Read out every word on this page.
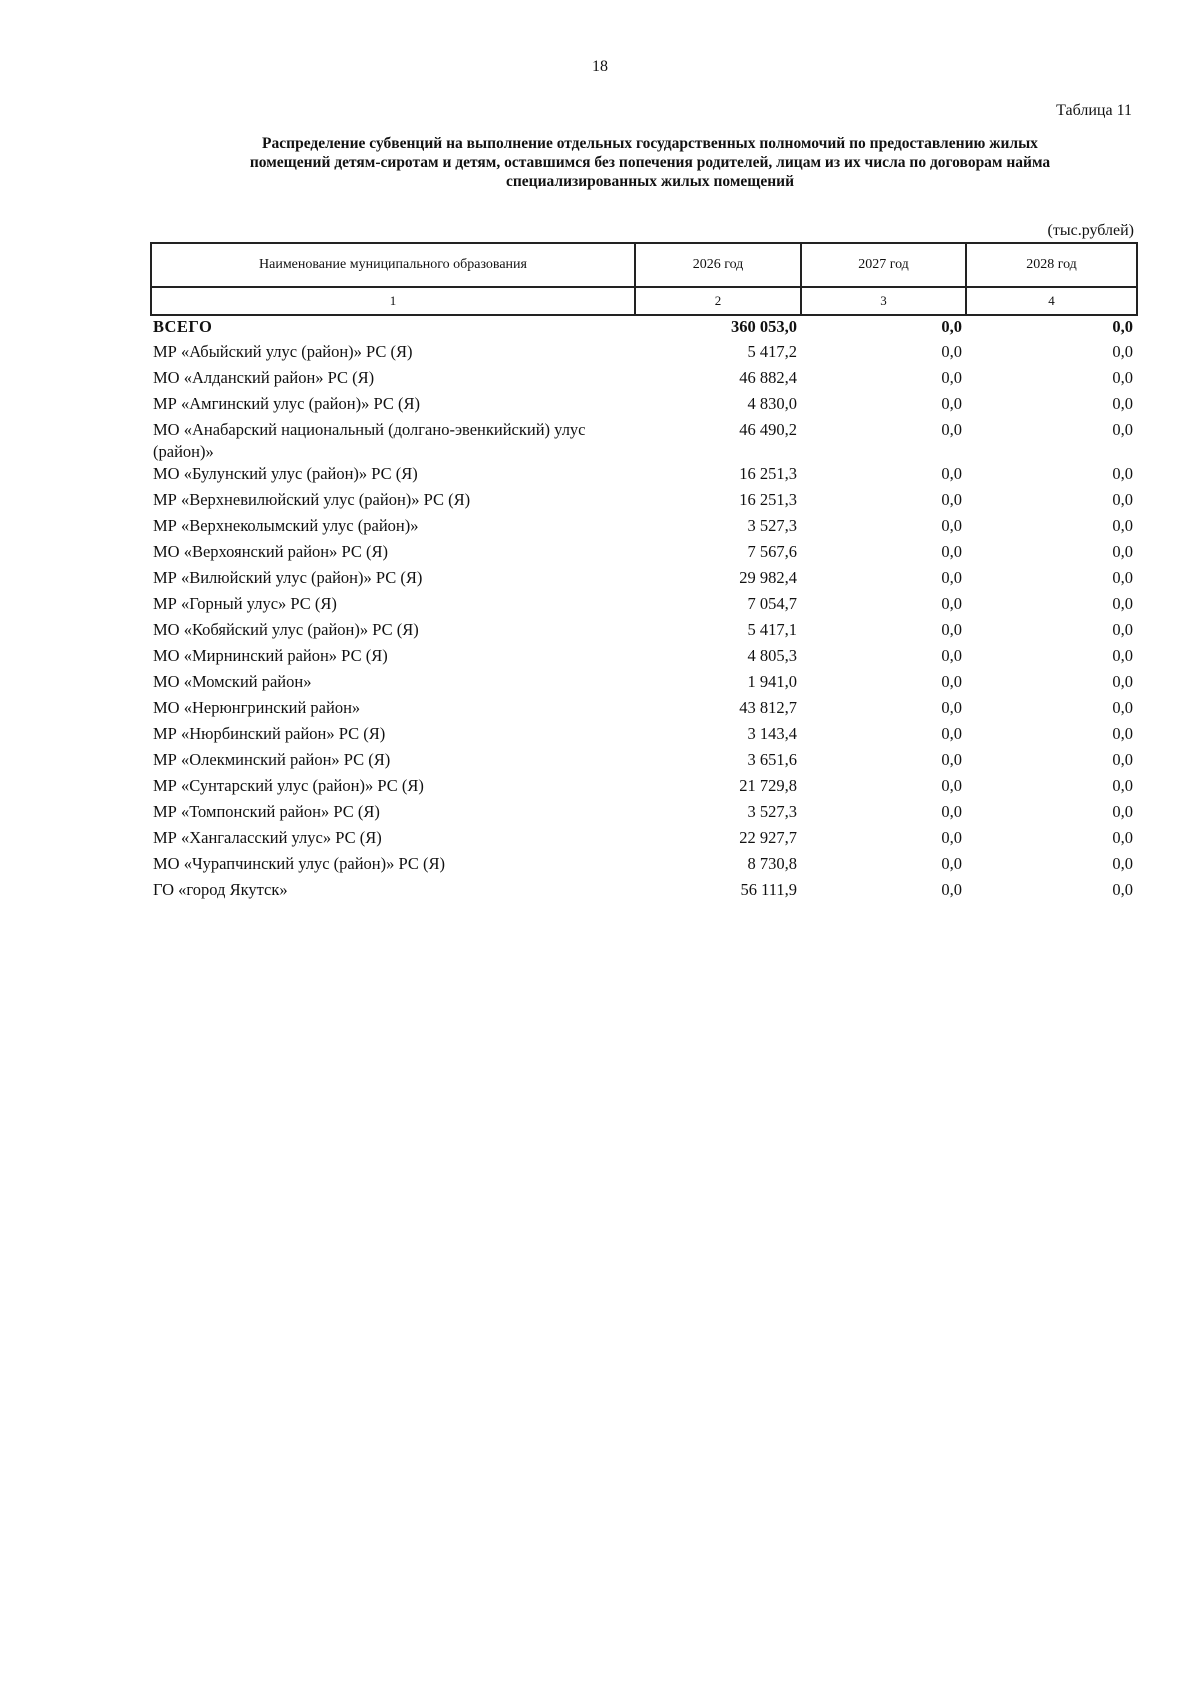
18
Таблица 11
Распределение субвенций на выполнение отдельных государственных полномочий по предоставлению жилых
помещений детям-сиротам и детям, оставшимся без попечения родителей, лицам из их числа по договорам найма
специализированных жилых помещений
(тыс.рублей)
Наименование муниципального образования	2026 год	2027 год	2028 год
1	2	3	4
ВСЕГО	360 053,0	0,0	0,0
МР «Абыйский улус (район)» РС (Я)	5 417,2	0,0	0,0
МО «Алданский район» РС (Я)	46 882,4	0,0	0,0
МР «Амгинский улус (район)» РС (Я)	4 830,0	0,0	0,0
МО «Анабарский национальный (долгано-эвенкийский) улус (район)»	46 490,2	0,0	0,0
МО «Булунский улус (район)» РС (Я)	16 251,3	0,0	0,0
МР «Верхневилюйский улус (район)» РС (Я)	16 251,3	0,0	0,0
МР «Верхнеколымский улус (район)»	3 527,3	0,0	0,0
МО «Верхоянский район» РС (Я)	7 567,6	0,0	0,0
МР «Вилюйский улус (район)» РС (Я)	29 982,4	0,0	0,0
МР «Горный улус» РС (Я)	7 054,7	0,0	0,0
МО «Кобяйский улус (район)» РС (Я)	5 417,1	0,0	0,0
МО «Мирнинский район» РС (Я)	4 805,3	0,0	0,0
МО «Момский район»	1 941,0	0,0	0,0
МО «Нерюнгринский район»	43 812,7	0,0	0,0
МР «Нюрбинский район» РС (Я)	3 143,4	0,0	0,0
МР «Олекминский район» РС (Я)	3 651,6	0,0	0,0
МР «Сунтарский улус (район)» РС (Я)	21 729,8	0,0	0,0
МР «Томпонский район» РС (Я)	3 527,3	0,0	0,0
МР «Хангаласский улус» РС (Я)	22 927,7	0,0	0,0
МО «Чурапчинский улус (район)» РС (Я)	8 730,8	0,0	0,0
ГО «город Якутск»	56 111,9	0,0	0,0
